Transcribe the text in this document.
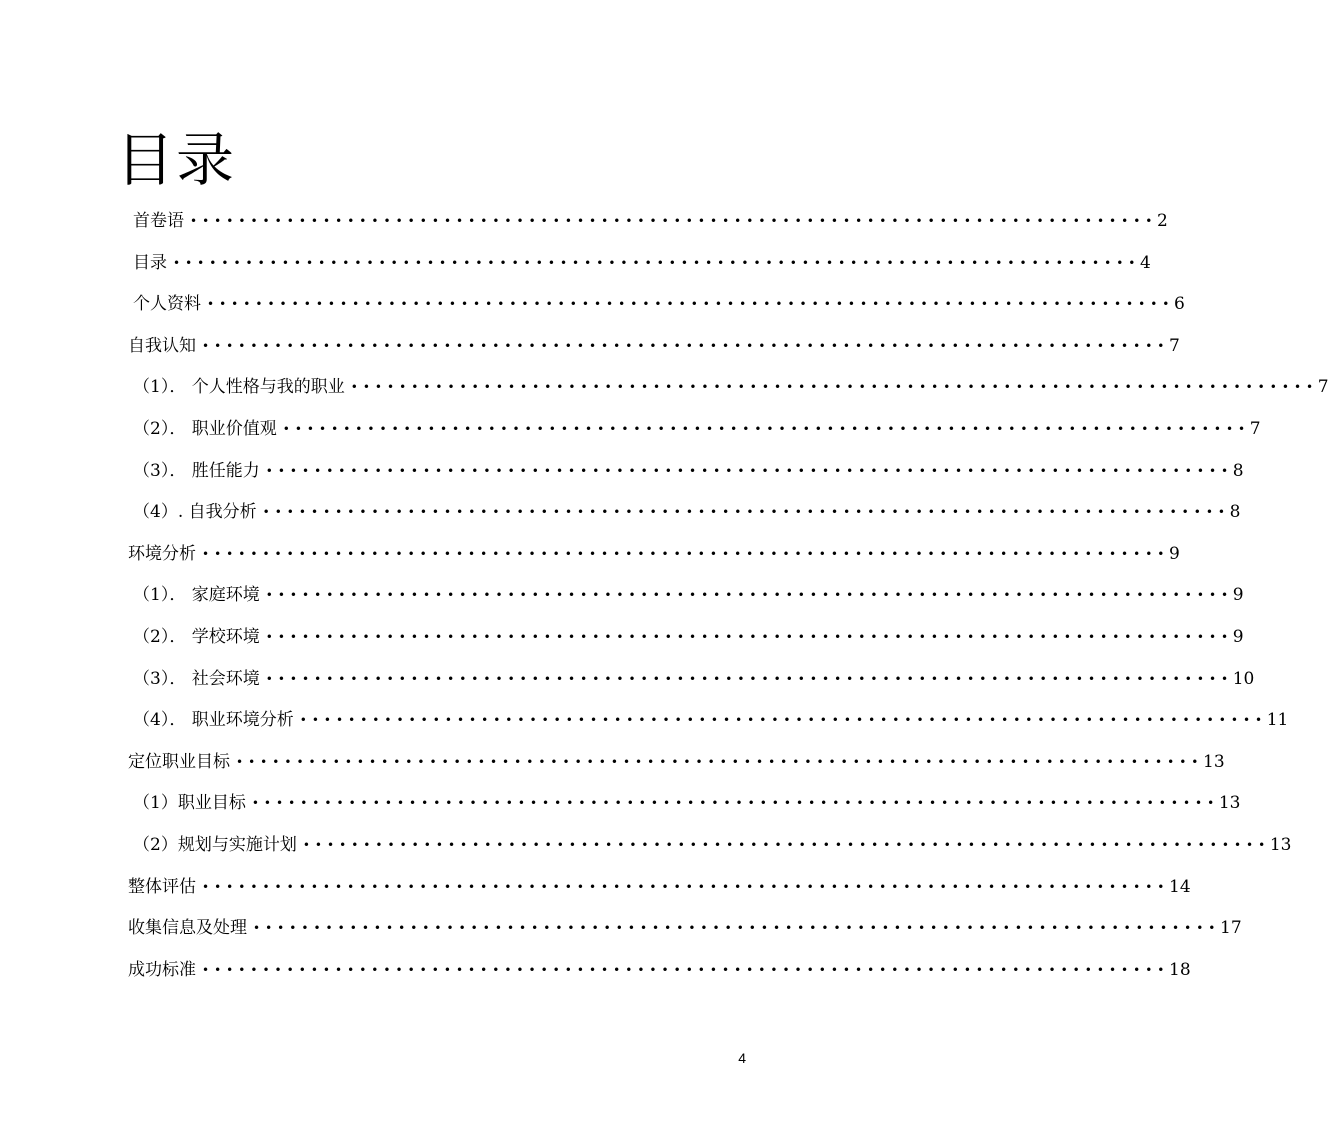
目录
首卷语 • • • • • • • • • • • • • • • • • • • • • • • • • • • • • • • • • • • • • • • • • • • • • • • • • • • • • • • • • • • • • • • • • • • • • • • • • • • • • • • • 2
目录 • • • • • • • • • • • • • • • • • • • • • • • • • • • • • • • • • • • • • • • • • • • • • • • • • • • • • • • • • • • • • • • • • • • • • • • • • • • • • • • • 4
个人资料 • • • • • • • • • • • • • • • • • • • • • • • • • • • • • • • • • • • • • • • • • • • • • • • • • • • • • • • • • • • • • • • • • • • • • • • • • • • • • • • • 6
自我认知 • • • • • • • • • • • • • • • • • • • • • • • • • • • • • • • • • • • • • • • • • • • • • • • • • • • • • • • • • • • • • • • • • • • • • • • • • • • • • • • • 7
（1）． 个人性格与我的职业 • • • • • • • • • • • • • • • • • • • • • • • • • • • • • • • • • • • • • • • • • • • • • • • • • • • • • • • • • • • • • • • • • • • • • • • • • • • • • • • • 7
（2）． 职业价值观 • • • • • • • • • • • • • • • • • • • • • • • • • • • • • • • • • • • • • • • • • • • • • • • • • • • • • • • • • • • • • • • • • • • • • • • • • • • • • • • • 7
（3）． 胜任能力 • • • • • • • • • • • • • • • • • • • • • • • • • • • • • • • • • • • • • • • • • • • • • • • • • • • • • • • • • • • • • • • • • • • • • • • • • • • • • • • • 8
（4）. 自我分析 • • • • • • • • • • • • • • • • • • • • • • • • • • • • • • • • • • • • • • • • • • • • • • • • • • • • • • • • • • • • • • • • • • • • • • • • • • • • • • • • 8
环境分析 • • • • • • • • • • • • • • • • • • • • • • • • • • • • • • • • • • • • • • • • • • • • • • • • • • • • • • • • • • • • • • • • • • • • • • • • • • • • • • • • 9
（1）． 家庭环境 • • • • • • • • • • • • • • • • • • • • • • • • • • • • • • • • • • • • • • • • • • • • • • • • • • • • • • • • • • • • • • • • • • • • • • • • • • • • • • • • 9
（2）． 学校环境 • • • • • • • • • • • • • • • • • • • • • • • • • • • • • • • • • • • • • • • • • • • • • • • • • • • • • • • • • • • • • • • • • • • • • • • • • • • • • • • • 9
（3）． 社会环境 • • • • • • • • • • • • • • • • • • • • • • • • • • • • • • • • • • • • • • • • • • • • • • • • • • • • • • • • • • • • • • • • • • • • • • • • • • • • • • • • 10
（4）． 职业环境分析 • • • • • • • • • • • • • • • • • • • • • • • • • • • • • • • • • • • • • • • • • • • • • • • • • • • • • • • • • • • • • • • • • • • • • • • • • • • • • • • • 11
定位职业目标 • • • • • • • • • • • • • • • • • • • • • • • • • • • • • • • • • • • • • • • • • • • • • • • • • • • • • • • • • • • • • • • • • • • • • • • • • • • • • • • • 13
（1）职业目标 • • • • • • • • • • • • • • • • • • • • • • • • • • • • • • • • • • • • • • • • • • • • • • • • • • • • • • • • • • • • • • • • • • • • • • • • • • • • • • • • 13
（2）规划与实施计划 • • • • • • • • • • • • • • • • • • • • • • • • • • • • • • • • • • • • • • • • • • • • • • • • • • • • • • • • • • • • • • • • • • • • • • • • • • • • • • • • 13
整体评估 • • • • • • • • • • • • • • • • • • • • • • • • • • • • • • • • • • • • • • • • • • • • • • • • • • • • • • • • • • • • • • • • • • • • • • • • • • • • • • • • 14
收集信息及处理 • • • • • • • • • • • • • • • • • • • • • • • • • • • • • • • • • • • • • • • • • • • • • • • • • • • • • • • • • • • • • • • • • • • • • • • • • • • • • • • • 17
成功标准 • • • • • • • • • • • • • • • • • • • • • • • • • • • • • • • • • • • • • • • • • • • • • • • • • • • • • • • • • • • • • • • • • • • • • • • • • • • • • • • • 18
4
